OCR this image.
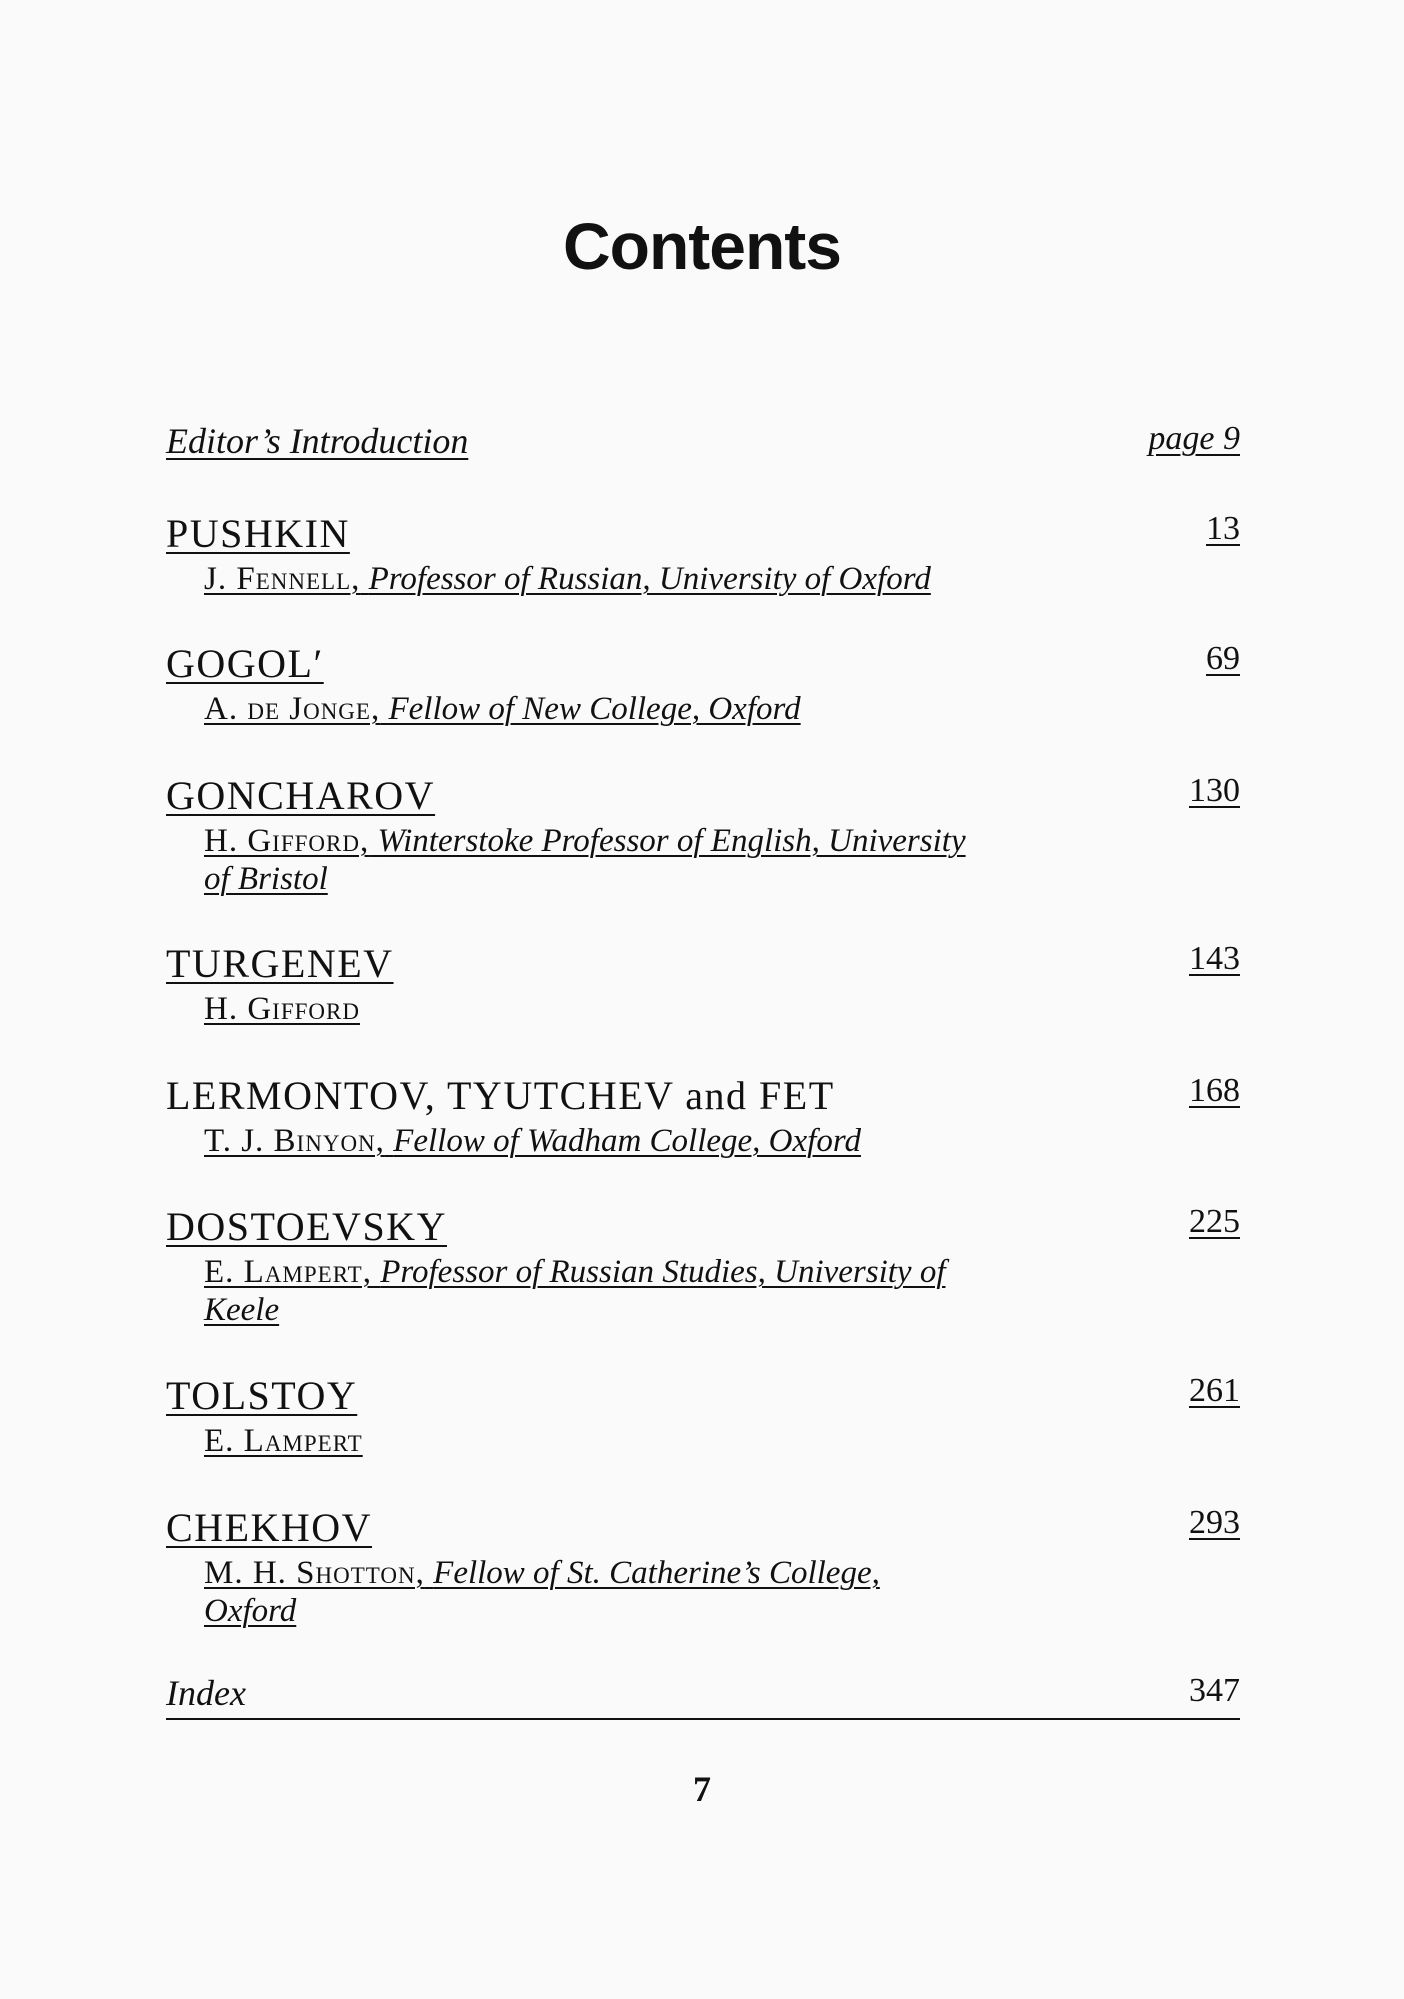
Contents
Editor’s Introduction	page 9
PUSHKIN	13
J. Fennell, Professor of Russian, University of Oxford
GOGOL′	69
A. de Jonge, Fellow of New College, Oxford
GONCHAROV	130
H. Gifford, Winterstoke Professor of English, University
of Bristol
TURGENEV	143
H. Gifford
LERMONTOV, TYUTCHEV and FET	168
T. J. Binyon, Fellow of Wadham College, Oxford
DOSTOEVSKY	225
E. Lampert, Professor of Russian Studies, University of
Keele
TOLSTOY	261
E. Lampert
CHEKHOV	293
M. H. Shotton, Fellow of St. Catherine’s College,
Oxford
Index	347
7
